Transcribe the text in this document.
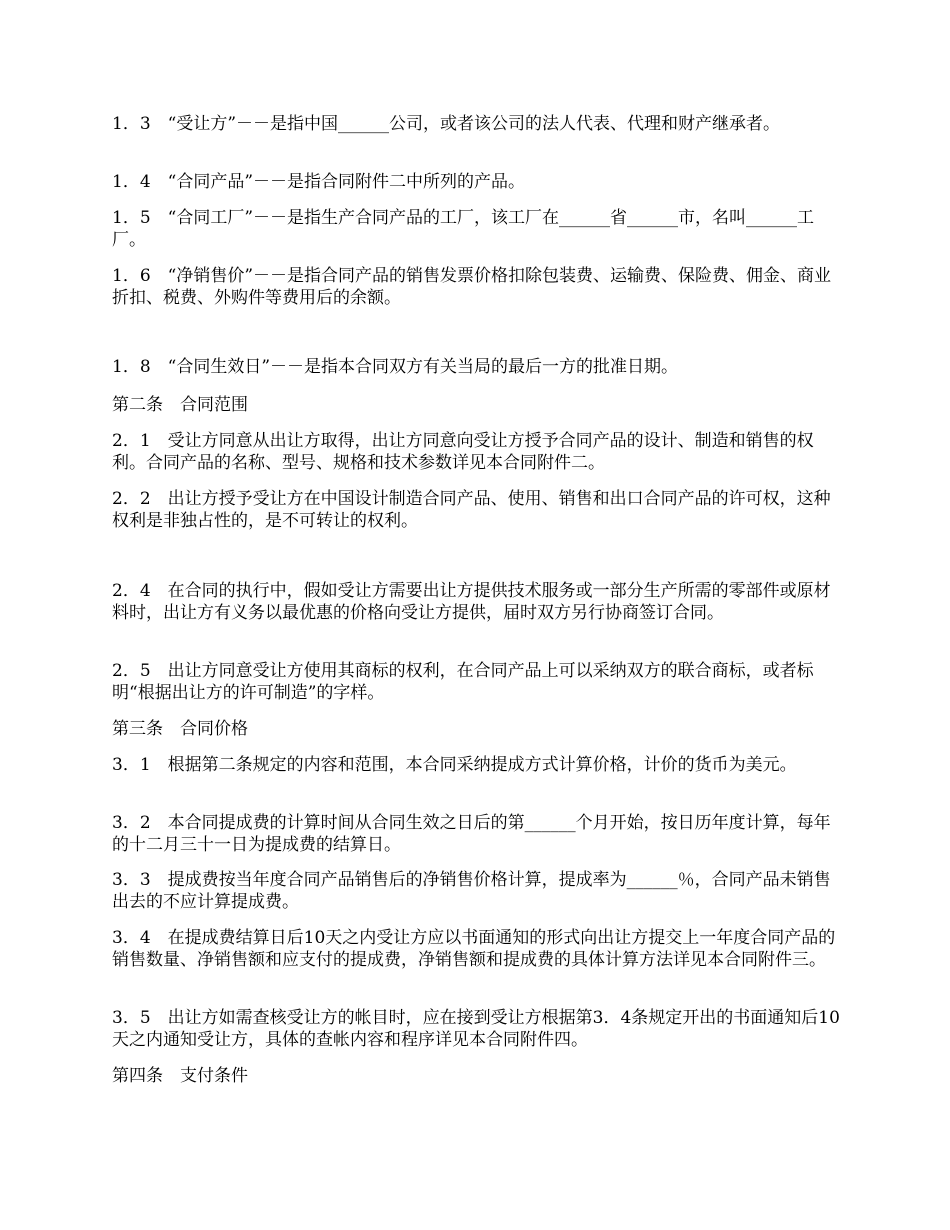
1．3　“受让方”－－是指中国______公司，或者该公司的法人代表、代理和财产继承者。

1．4　“合同产品”－－是指合同附件二中所列的产品。

1．5　“合同工厂”－－是指生产合同产品的工厂，该工厂在______省______市，名叫______工厂。

1．6　“净销售价”－－是指合同产品的销售发票价格扣除包装费、运输费、保险费、佣金、商业折扣、税费、外购件等费用后的余额。

1．8　“合同生效日”－－是指本合同双方有关当局的最后一方的批准日期。

第二条　合同范围

2．1　受让方同意从出让方取得，出让方同意向受让方授予合同产品的设计、制造和销售的权利。合同产品的名称、型号、规格和技术参数详见本合同附件二。

2．2　出让方授予受让方在中国设计制造合同产品、使用、销售和出口合同产品的许可权，这种权利是非独占性的，是不可转让的权利。

2．4　在合同的执行中，假如受让方需要出让方提供技术服务或一部分生产所需的零部件或原材料时，出让方有义务以最优惠的价格向受让方提供，届时双方另行协商签订合同。

2．5　出让方同意受让方使用其商标的权利，在合同产品上可以采纳双方的联合商标，或者标明“根据出让方的许可制造”的字样。

第三条　合同价格

3．1　根据第二条规定的内容和范围，本合同采纳提成方式计算价格，计价的货币为美元。

3．2　本合同提成费的计算时间从合同生效之日后的第______个月开始，按日历年度计算，每年的十二月三十一日为提成费的结算日。

3．3　提成费按当年度合同产品销售后的净销售价格计算，提成率为______％，合同产品未销售出去的不应计算提成费。

3．4　在提成费结算日后10天之内受让方应以书面通知的形式向出让方提交上一年度合同产品的销售数量、净销售额和应支付的提成费，净销售额和提成费的具体计算方法详见本合同附件三。

3．5　出让方如需查核受让方的帐目时，应在接到受让方根据第3．4条规定开出的书面通知后10天之内通知受让方，具体的查帐内容和程序详见本合同附件四。

第四条　支付条件
